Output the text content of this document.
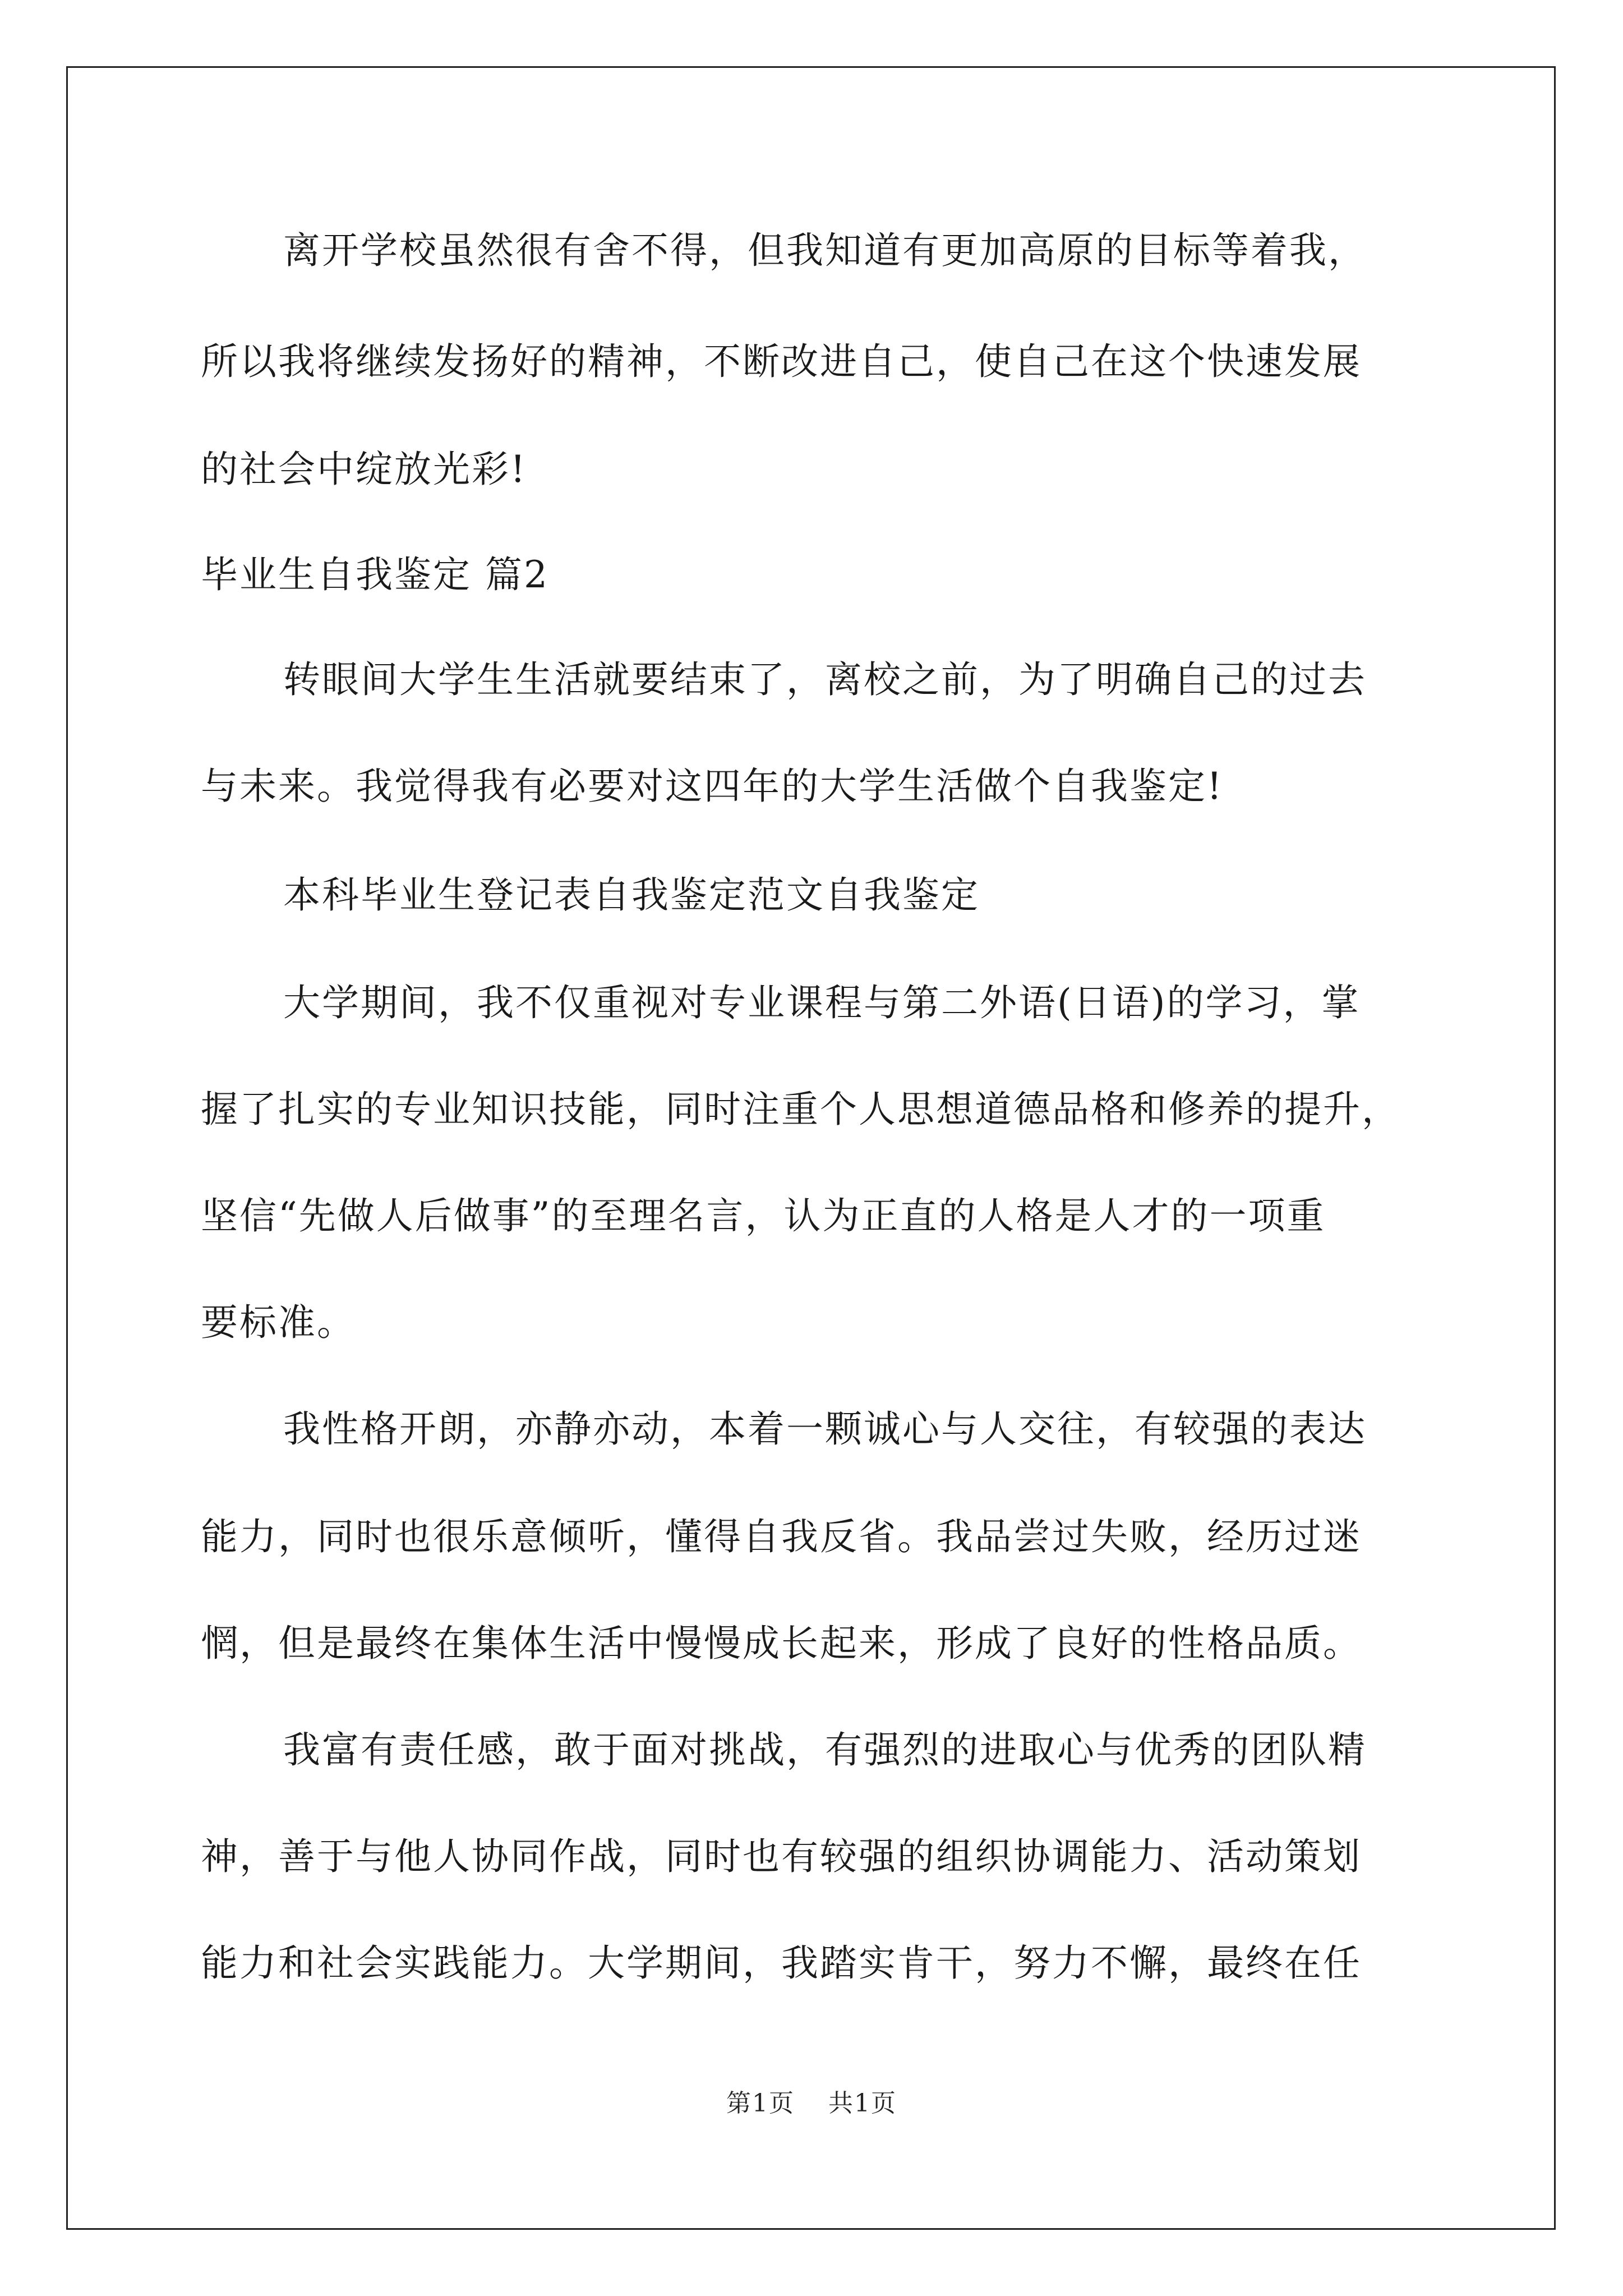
离开学校虽然很有舍不得，但我知道有更加高原的目标等着我，
所以我将继续发扬好的精神，不断改进自己，使自己在这个快速发展
的社会中绽放光彩!
毕业生自我鉴定 篇2
转眼间大学生生活就要结束了，离校之前，为了明确自己的过去
与未来。我觉得我有必要对这四年的大学生活做个自我鉴定!
本科毕业生登记表自我鉴定范文自我鉴定
大学期间，我不仅重视对专业课程与第二外语(日语)的学习，掌
握了扎实的专业知识技能，同时注重个人思想道德品格和修养的提升，
坚信“先做人后做事”的至理名言，认为正直的人格是人才的一项重
要标准。
我性格开朗，亦静亦动，本着一颗诚心与人交往，有较强的表达
能力，同时也很乐意倾听，懂得自我反省。我品尝过失败，经历过迷
惘，但是最终在集体生活中慢慢成长起来，形成了良好的性格品质。
我富有责任感，敢于面对挑战，有强烈的进取心与优秀的团队精
神，善于与他人协同作战，同时也有较强的组织协调能力、活动策划
能力和社会实践能力。大学期间，我踏实肯干，努力不懈，最终在任
第1页 共1页
